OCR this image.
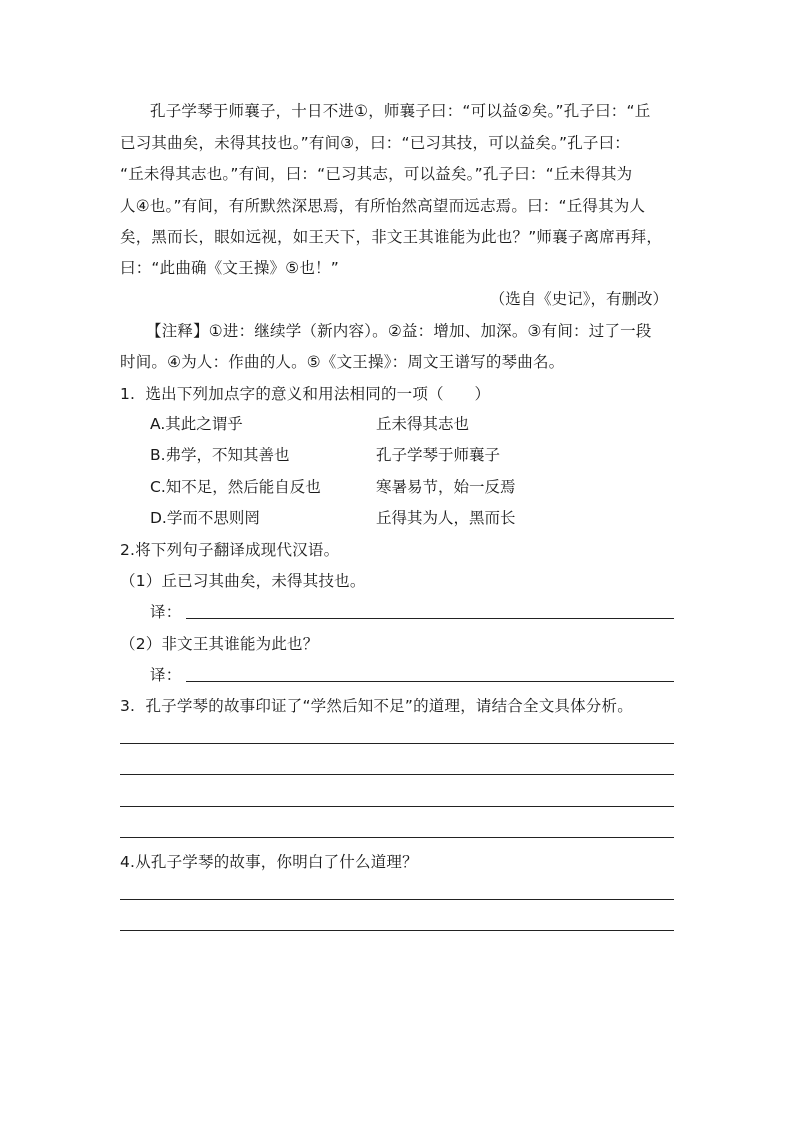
孔子学琴于师襄子，十日不进①，师襄子曰：“可以益②矣。”孔子曰：“丘
已习其曲矣，未得其技也。”有间③，曰：“已习其技，可以益矣。”孔子曰：
“丘未得其志也。”有间，曰：“已习其志，可以益矣。”孔子曰：“丘未得其为
人④也。”有间，有所默然深思焉，有所怡然高望而远志焉。曰：“丘得其为人
矣，黑而长，眼如远视，如王天下，非文王其谁能为此也？”师襄子离席再拜，
曰：“此曲确《文王操》⑤也！”
（选自《史记》，有删改）
【注释】①进：继续学（新内容）。②益：增加、加深。③有间：过了一段
时间。④为人：作曲的人。⑤《文王操》：周文王谱写的琴曲名。
1.  选出下列加点字的意义和用法相同的一项（      ）
A.其此之谓乎	丘未得其志也
B.弗学，不知其善也	孔子学琴于师襄子
C.知不足，然后能自反也	寒暑易节，始一反焉
D.学而不思则罔	丘得其为人，黑而长
2.将下列句子翻译成现代汉语。
（1）丘已习其曲矣，未得其技也。
译：
（2）非文王其谁能为此也？
译：
3.  孔子学琴的故事印证了“学然后知不足”的道理，请结合全文具体分析。
4.从孔子学琴的故事，你明白了什么道理？
